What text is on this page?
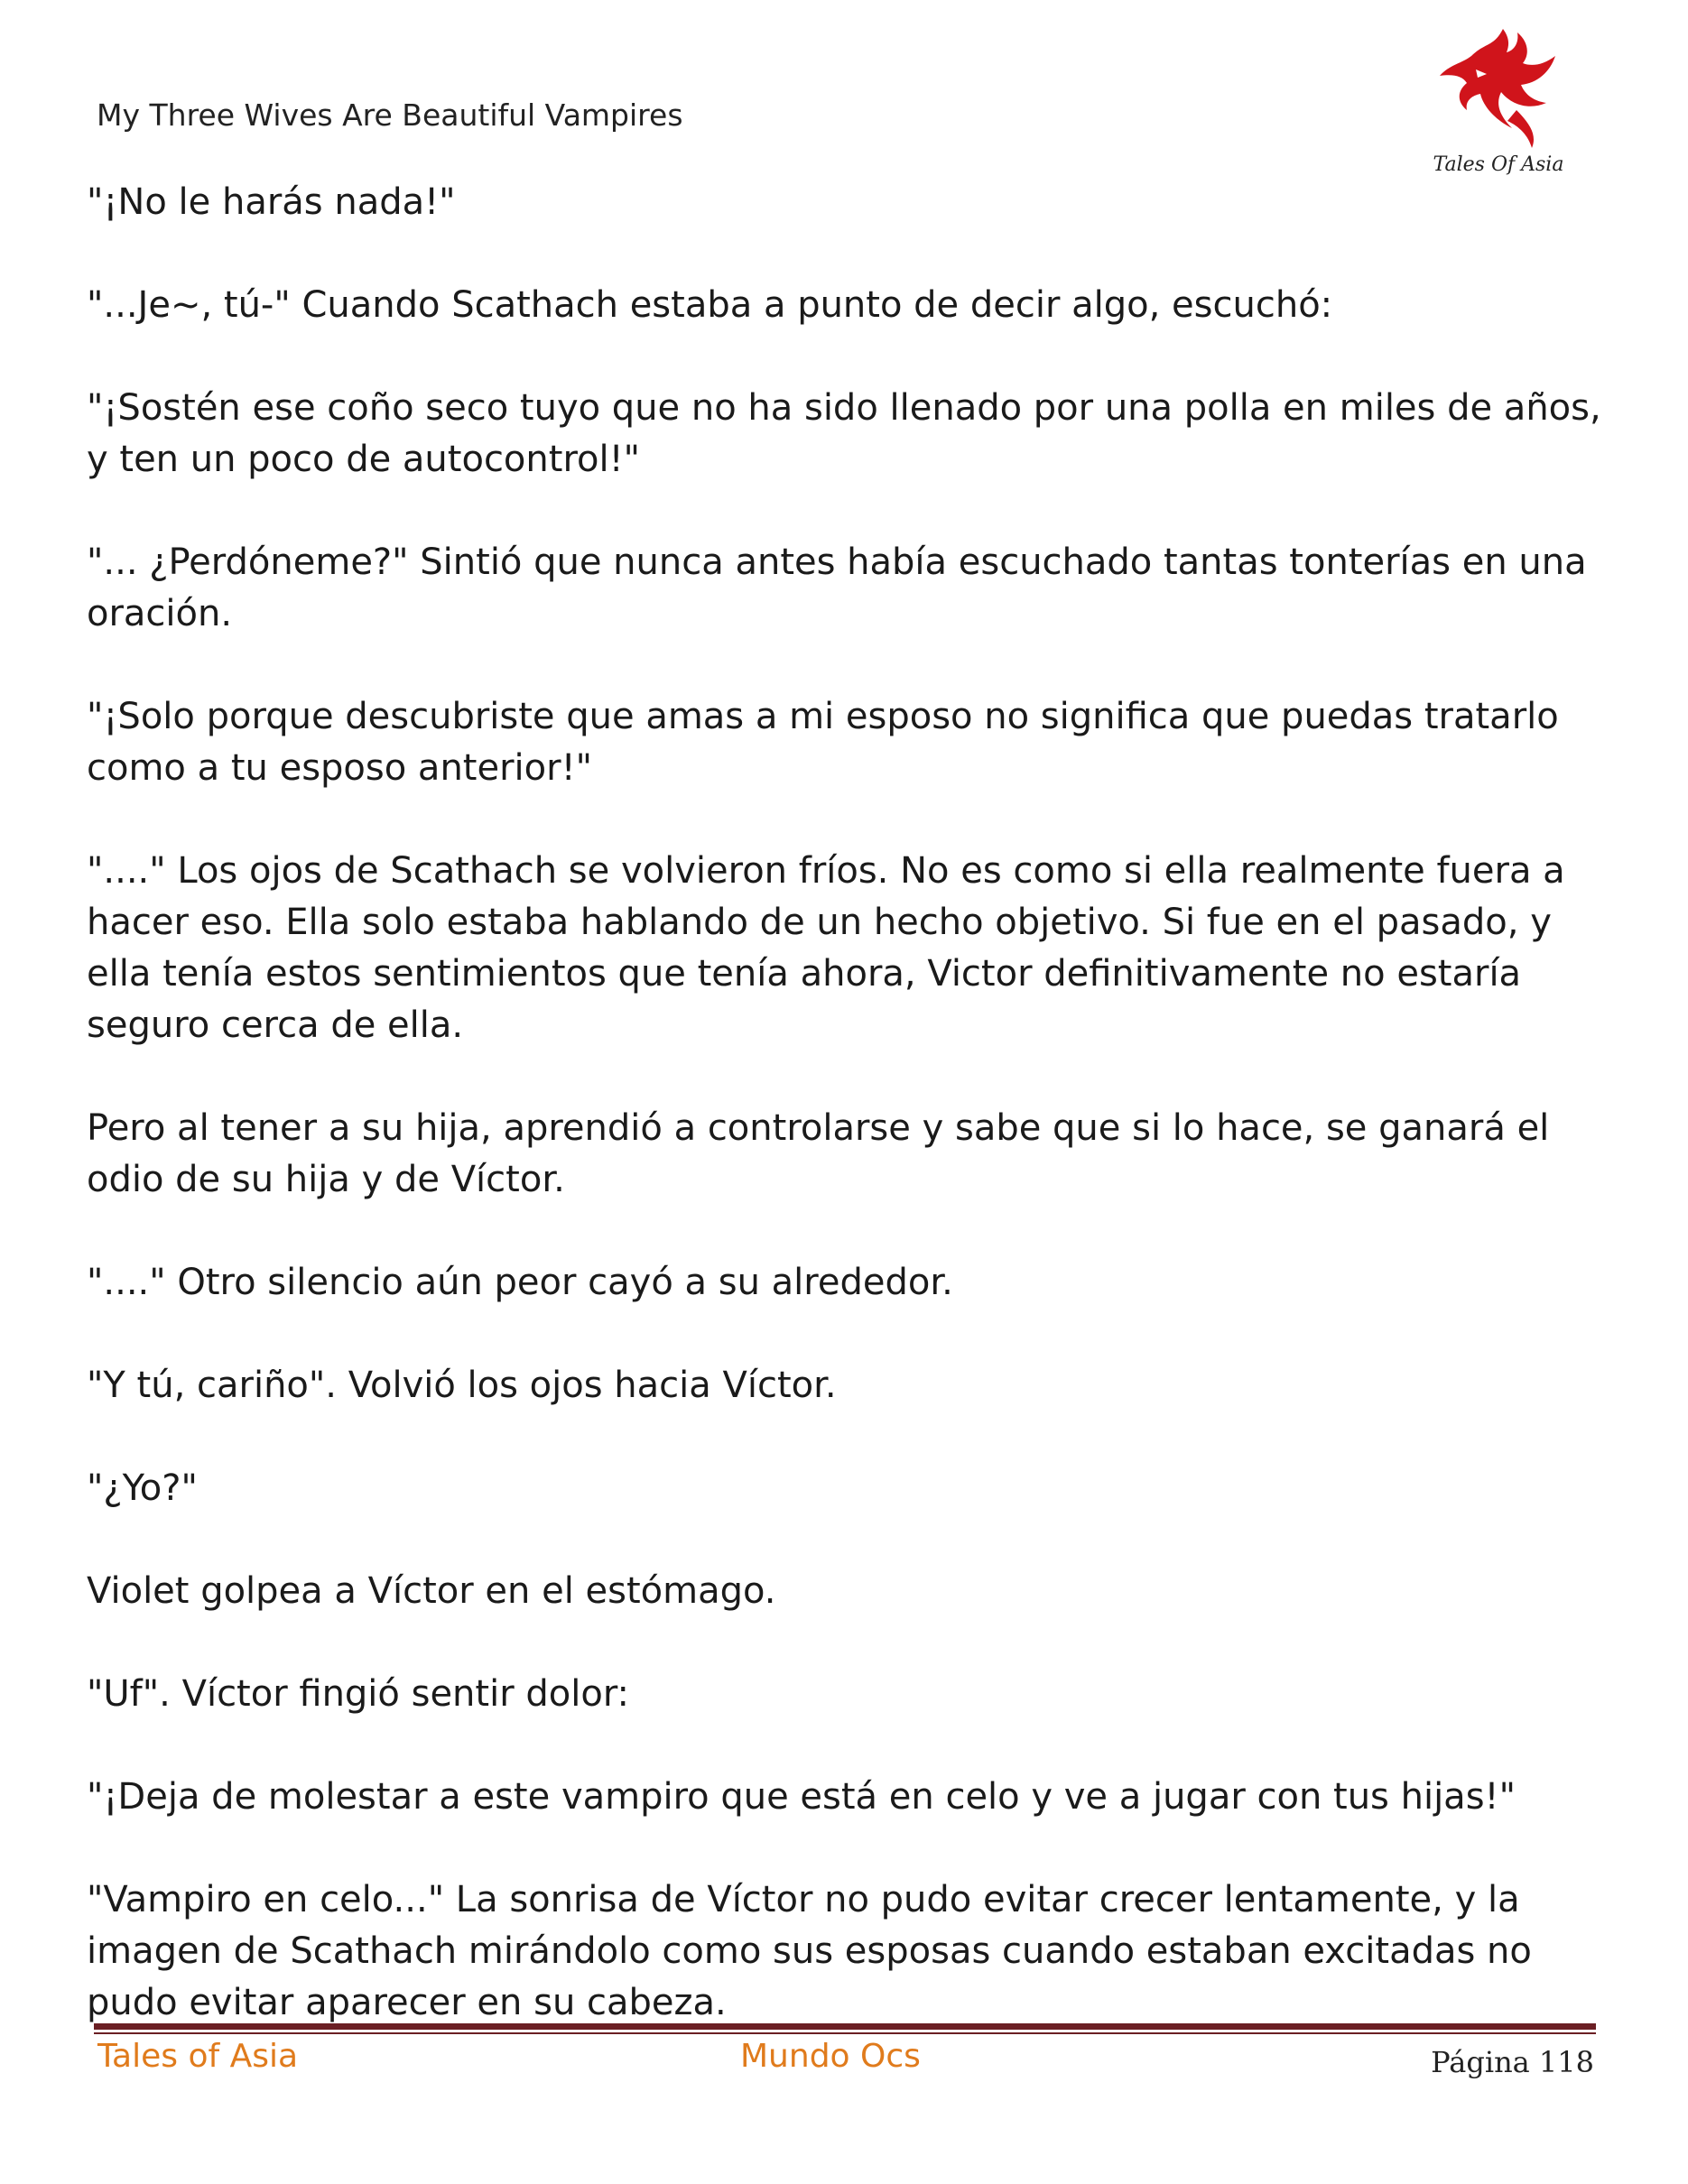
My Three Wives Are Beautiful Vampires
Tales Of Asia

"¡No le harás nada!"

"...Je~, tú-" Cuando Scathach estaba a punto de decir algo, escuchó:

"¡Sostén ese coño seco tuyo que no ha sido llenado por una polla en miles de años, y ten un poco de autocontrol!"

"... ¿Perdóneme?" Sintió que nunca antes había escuchado tantas tonterías en una oración.

"¡Solo porque descubriste que amas a mi esposo no significa que puedas tratarlo como a tu esposo anterior!"

"...." Los ojos de Scathach se volvieron fríos. No es como si ella realmente fuera a hacer eso. Ella solo estaba hablando de un hecho objetivo. Si fue en el pasado, y ella tenía estos sentimientos que tenía ahora, Victor definitivamente no estaría seguro cerca de ella.

Pero al tener a su hija, aprendió a controlarse y sabe que si lo hace, se ganará el odio de su hija y de Víctor.

"...." Otro silencio aún peor cayó a su alrededor.

"Y tú, cariño". Volvió los ojos hacia Víctor.

"¿Yo?"

Violet golpea a Víctor en el estómago.

"Uf". Víctor fingió sentir dolor:

"¡Deja de molestar a este vampiro que está en celo y ve a jugar con tus hijas!"

"Vampiro en celo..." La sonrisa de Víctor no pudo evitar crecer lentamente, y la imagen de Scathach mirándolo como sus esposas cuando estaban excitadas no pudo evitar aparecer en su cabeza.

Tales of Asia	Mundo Ocs	Página 118
